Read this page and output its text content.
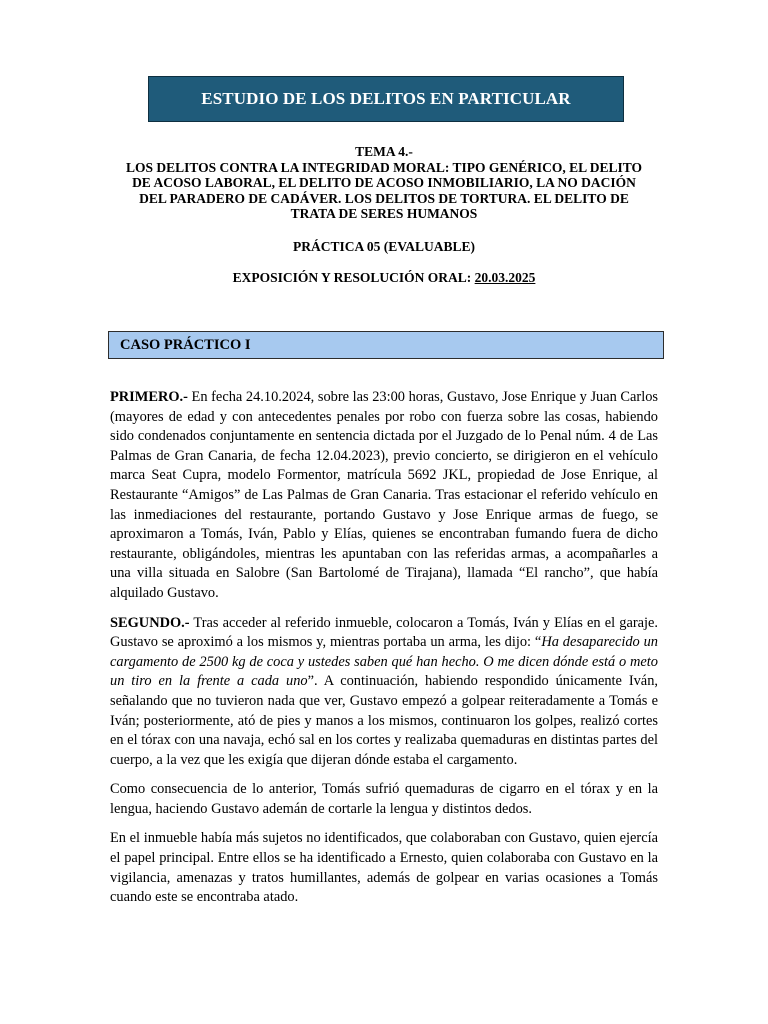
ESTUDIO DE LOS DELITOS EN PARTICULAR
TEMA 4.-
LOS DELITOS CONTRA LA INTEGRIDAD MORAL: TIPO GENÉRICO, EL DELITO
DE ACOSO LABORAL, EL DELITO DE ACOSO INMOBILIARIO, LA NO DACIÓN
DEL PARADERO DE CADÁVER. LOS DELITOS DE TORTURA. EL DELITO DE
TRATA DE SERES HUMANOS
PRÁCTICA 05 (EVALUABLE)
EXPOSICIÓN Y RESOLUCIÓN ORAL: 20.03.2025
CASO PRÁCTICO I

PRIMERO.- En fecha 24.10.2024, sobre las 23:00 horas, Gustavo, Jose Enrique y Juan Carlos (mayores de edad y con antecedentes penales por robo con fuerza sobre las cosas, habiendo sido condenados conjuntamente en sentencia dictada por el Juzgado de lo Penal núm. 4 de Las Palmas de Gran Canaria, de fecha 12.04.2023), previo concierto, se dirigieron en el vehículo marca Seat Cupra, modelo Formentor, matrícula 5692 JKL, propiedad de Jose Enrique, al Restaurante “Amigos” de Las Palmas de Gran Canaria. Tras estacionar el referido vehículo en las inmediaciones del restaurante, portando Gustavo y Jose Enrique armas de fuego, se aproximaron a Tomás, Iván, Pablo y Elías, quienes se encontraban fumando fuera de dicho restaurante, obligándoles, mientras les apuntaban con las referidas armas, a acompañarles a una villa situada en Salobre (San Bartolomé de Tirajana), llamada “El rancho”, que había alquilado Gustavo.

SEGUNDO.- Tras acceder al referido inmueble, colocaron a Tomás, Iván y Elías en el garaje. Gustavo se aproximó a los mismos y, mientras portaba un arma, les dijo: “Ha desaparecido un cargamento de 2500 kg de coca y ustedes saben qué han hecho. O me dicen dónde está o meto un tiro en la frente a cada uno”. A continuación, habiendo respondido únicamente Iván, señalando que no tuvieron nada que ver, Gustavo empezó a golpear reiteradamente a Tomás e Iván; posteriormente, ató de pies y manos a los mismos, continuaron los golpes, realizó cortes en el tórax con una navaja, echó sal en los cortes y realizaba quemaduras en distintas partes del cuerpo, a la vez que les exigía que dijeran dónde estaba el cargamento.

Como consecuencia de lo anterior, Tomás sufrió quemaduras de cigarro en el tórax y en la lengua, haciendo Gustavo ademán de cortarle la lengua y distintos dedos.

En el inmueble había más sujetos no identificados, que colaboraban con Gustavo, quien ejercía el papel principal. Entre ellos se ha identificado a Ernesto, quien colaboraba con Gustavo en la vigilancia, amenazas y tratos humillantes, además de golpear en varias ocasiones a Tomás cuando este se encontraba atado.
